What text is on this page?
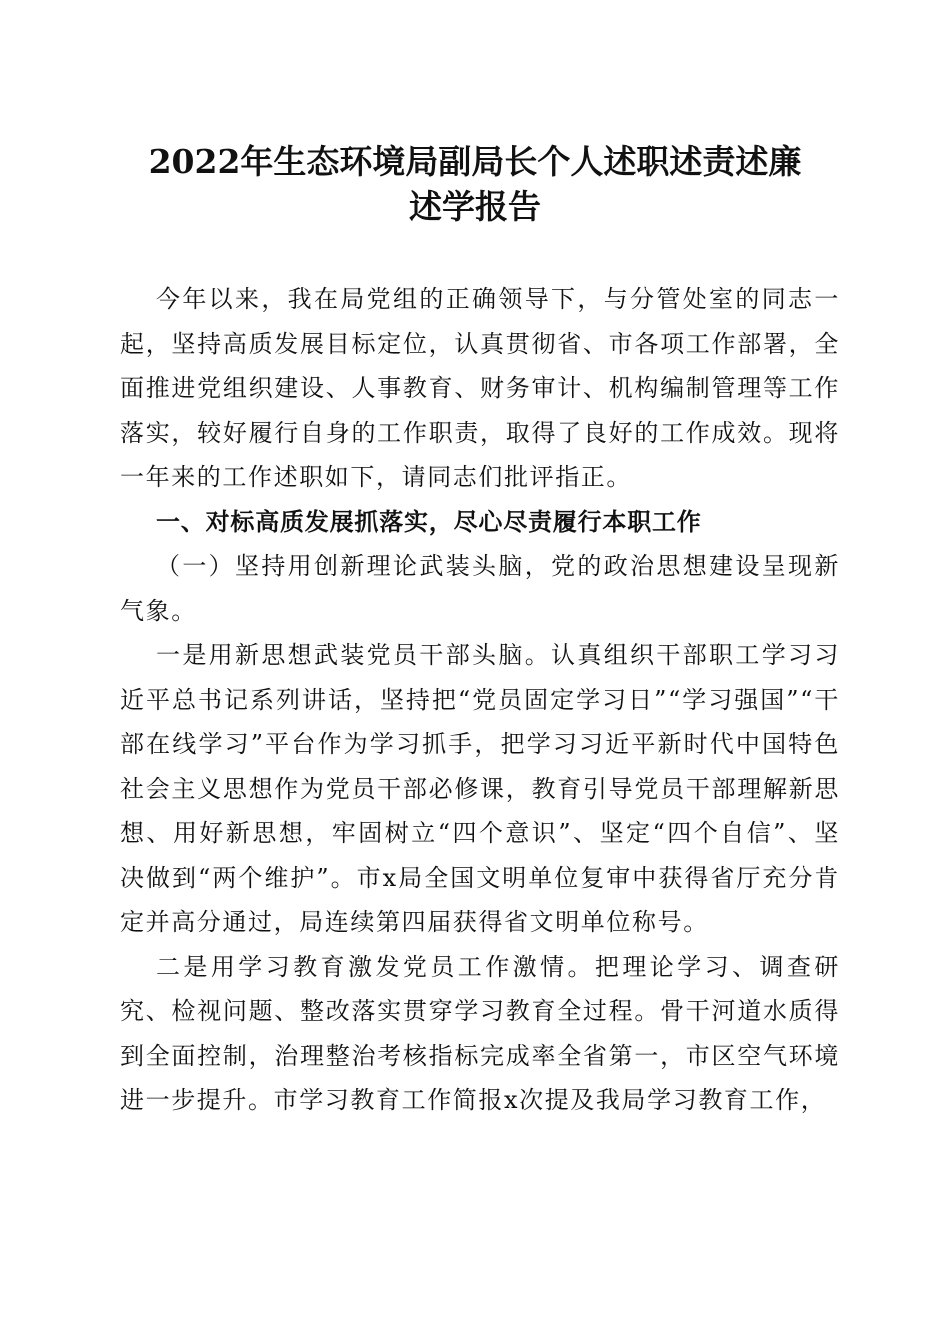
2022年生态环境局副局长个人述职述责述廉
述学报告

今年以来，我在局党组的正确领导下，与分管处室的同志一起，坚持高质发展目标定位，认真贯彻省、市各项工作部署，全面推进党组织建设、人事教育、财务审计、机构编制管理等工作落实，较好履行自身的工作职责，取得了良好的工作成效。现将一年来的工作述职如下，请同志们批评指正。

一、对标高质发展抓落实，尽心尽责履行本职工作

（一）坚持用创新理论武装头脑，党的政治思想建设呈现新气象。

一是用新思想武装党员干部头脑。认真组织干部职工学习习近平总书记系列讲话，坚持把“党员固定学习日”“学习强国”“干部在线学习”平台作为学习抓手，把学习习近平新时代中国特色社会主义思想作为党员干部必修课，教育引导党员干部理解新思想、用好新思想，牢固树立“四个意识”、坚定“四个自信”、坚决做到“两个维护”。市x局全国文明单位复审中获得省厅充分肯定并高分通过，局连续第四届获得省文明单位称号。

二是用学习教育激发党员工作激情。把理论学习、调查研究、检视问题、整改落实贯穿学习教育全过程。骨干河道水质得到全面控制，治理整治考核指标完成率全省第一，市区空气环境进一步提升。市学习教育工作简报x次提及我局学习教育工作，
